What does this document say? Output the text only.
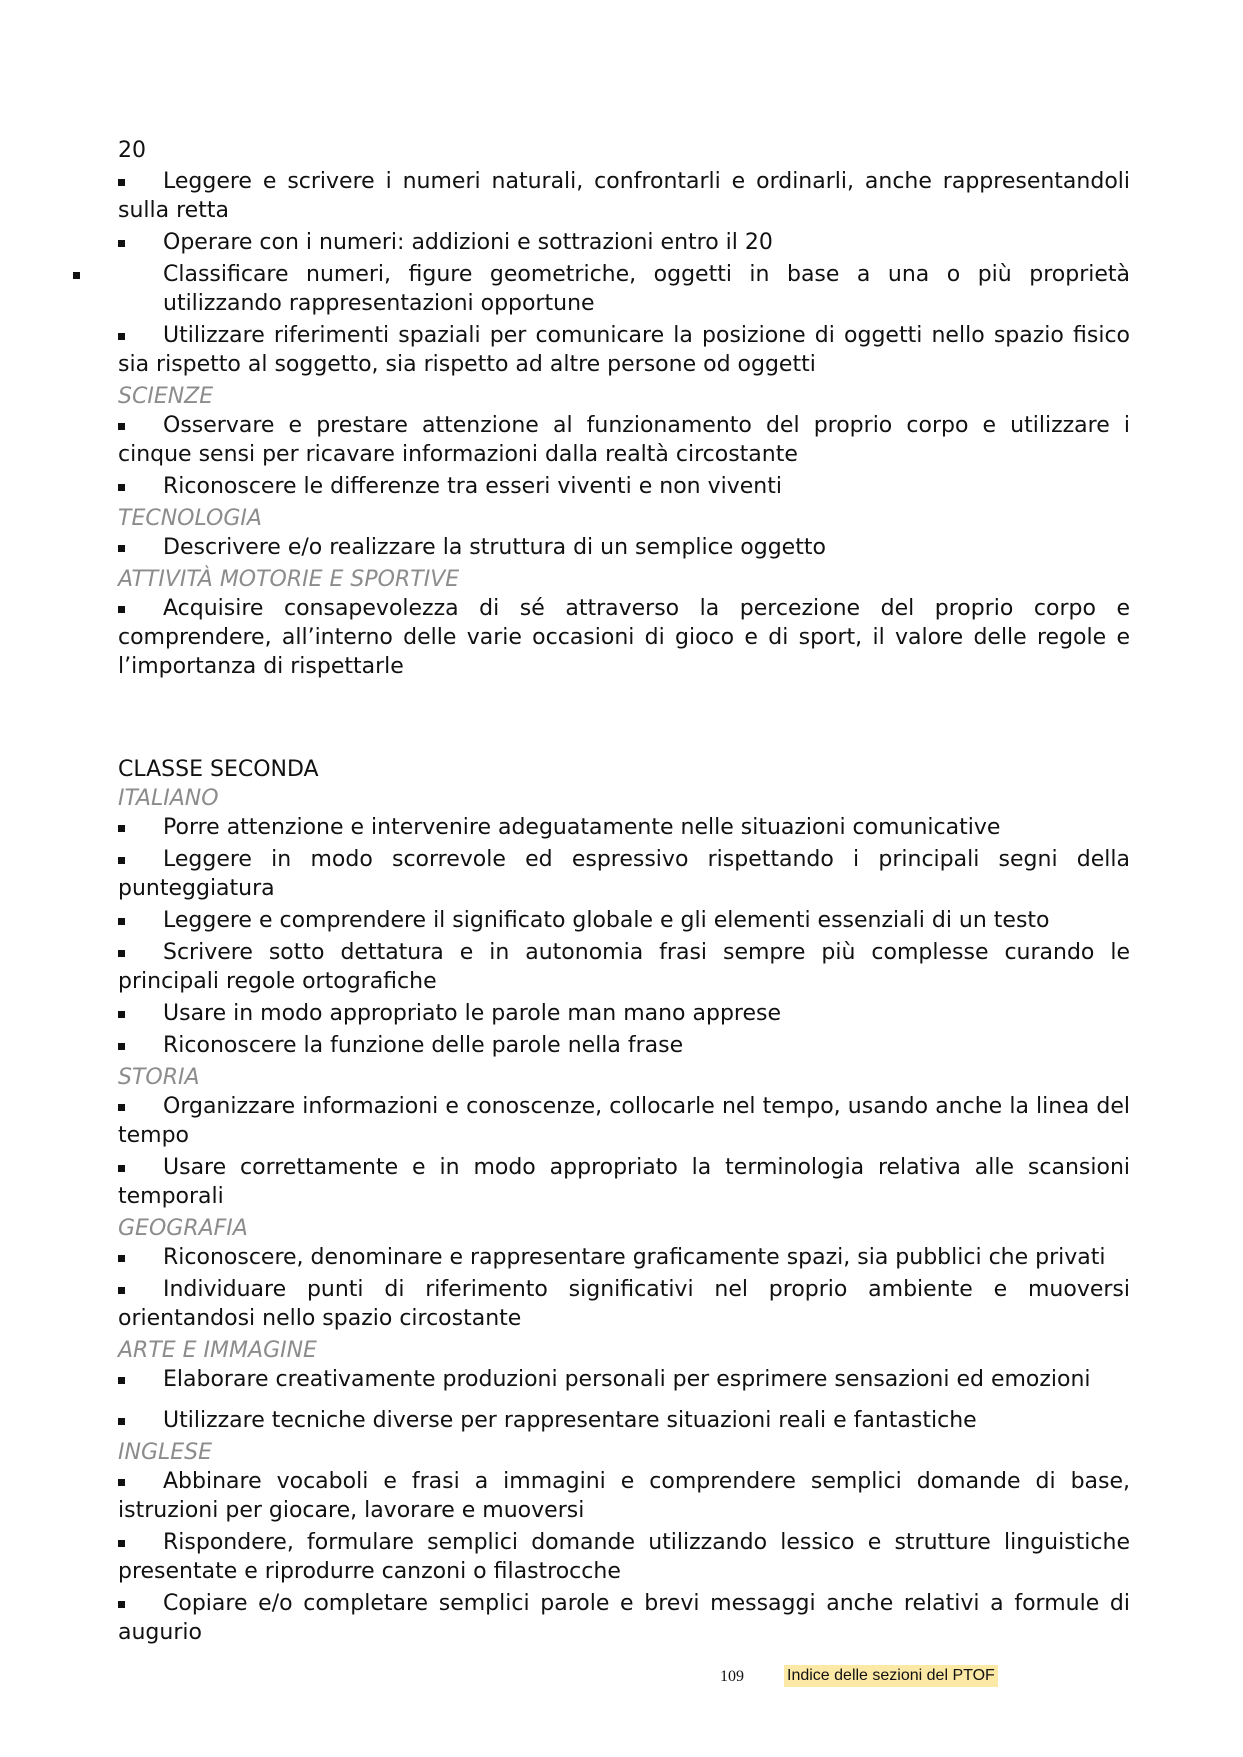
20
Leggere e scrivere i numeri naturali, confrontarli e ordinarli, anche rappresentandoli sulla retta
Operare con i numeri: addizioni e sottrazioni entro il 20
Classificare numeri, figure geometriche, oggetti in base a una o più proprietà utilizzando rappresentazioni opportune
Utilizzare riferimenti spaziali per comunicare la posizione di oggetti nello spazio fisico sia rispetto al soggetto, sia rispetto ad altre persone od oggetti
SCIENZE
Osservare e prestare attenzione al funzionamento del proprio corpo e utilizzare i cinque sensi per ricavare informazioni dalla realtà circostante
Riconoscere le differenze tra esseri viventi e non viventi
TECNOLOGIA
Descrivere e/o realizzare la struttura di un semplice oggetto
ATTIVITÀ MOTORIE E SPORTIVE
Acquisire consapevolezza di sé attraverso la percezione del proprio corpo e comprendere, all’interno delle varie occasioni di gioco e di sport, il valore delle regole e l’importanza di rispettarle
CLASSE SECONDA
ITALIANO
Porre attenzione e intervenire adeguatamente nelle situazioni comunicative
Leggere in modo scorrevole ed espressivo rispettando i principali segni della punteggiatura
Leggere e comprendere il significato globale e gli elementi essenziali di un testo
Scrivere sotto dettatura e in autonomia frasi sempre più complesse curando le principali regole ortografiche
Usare in modo appropriato le parole man mano apprese
Riconoscere la funzione delle parole nella frase
STORIA
Organizzare informazioni e conoscenze, collocarle nel tempo, usando anche la linea del tempo
Usare correttamente e in modo appropriato la terminologia relativa alle scansioni temporali
GEOGRAFIA
Riconoscere, denominare e rappresentare graficamente spazi, sia pubblici che privati
Individuare punti di riferimento significativi nel proprio ambiente e muoversi orientandosi nello spazio circostante
ARTE E IMMAGINE
Elaborare creativamente produzioni personali per esprimere sensazioni ed emozioni
Utilizzare tecniche diverse per rappresentare situazioni reali e fantastiche
INGLESE
Abbinare vocaboli e frasi a immagini e comprendere semplici domande di base, istruzioni per giocare, lavorare e muoversi
Rispondere, formulare semplici domande utilizzando lessico e strutture linguistiche presentate e riprodurre canzoni o filastrocche
Copiare e/o completare semplici parole e brevi messaggi anche relativi a formule di augurio
109	Indice delle sezioni del PTOF
